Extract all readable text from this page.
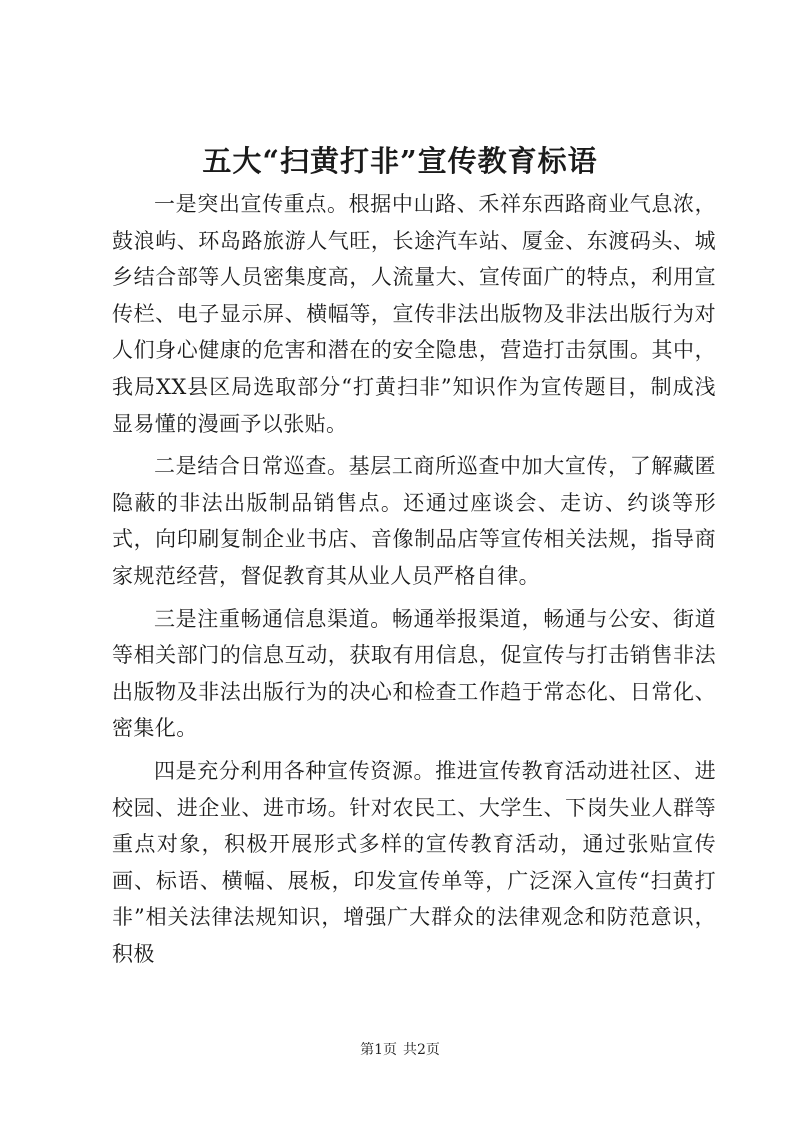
五大“扫黄打非”宣传教育标语

一是突出宣传重点。根据中山路、禾祥东西路商业气息浓，鼓浪屿、环岛路旅游人气旺，长途汽车站、厦金、东渡码头、城乡结合部等人员密集度高，人流量大、宣传面广的特点，利用宣传栏、电子显示屏、横幅等，宣传非法出版物及非法出版行为对人们身心健康的危害和潜在的安全隐患，营造打击氛围。其中，我局XX县区局选取部分“打黄扫非”知识作为宣传题目，制成浅显易懂的漫画予以张贴。

二是结合日常巡查。基层工商所巡查中加大宣传，了解藏匿隐蔽的非法出版制品销售点。还通过座谈会、走访、约谈等形式，向印刷复制企业书店、音像制品店等宣传相关法规，指导商家规范经营，督促教育其从业人员严格自律。

三是注重畅通信息渠道。畅通举报渠道，畅通与公安、街道等相关部门的信息互动，获取有用信息，促宣传与打击销售非法出版物及非法出版行为的决心和检查工作趋于常态化、日常化、密集化。

四是充分利用各种宣传资源。推进宣传教育活动进社区、进校园、进企业、进市场。针对农民工、大学生、下岗失业人群等重点对象，积极开展形式多样的宣传教育活动，通过张贴宣传画、标语、横幅、展板，印发宣传单等，广泛深入宣传“扫黄打非”相关法律法规知识，增强广大群众的法律观念和防范意识，积极

第1页 共2页
